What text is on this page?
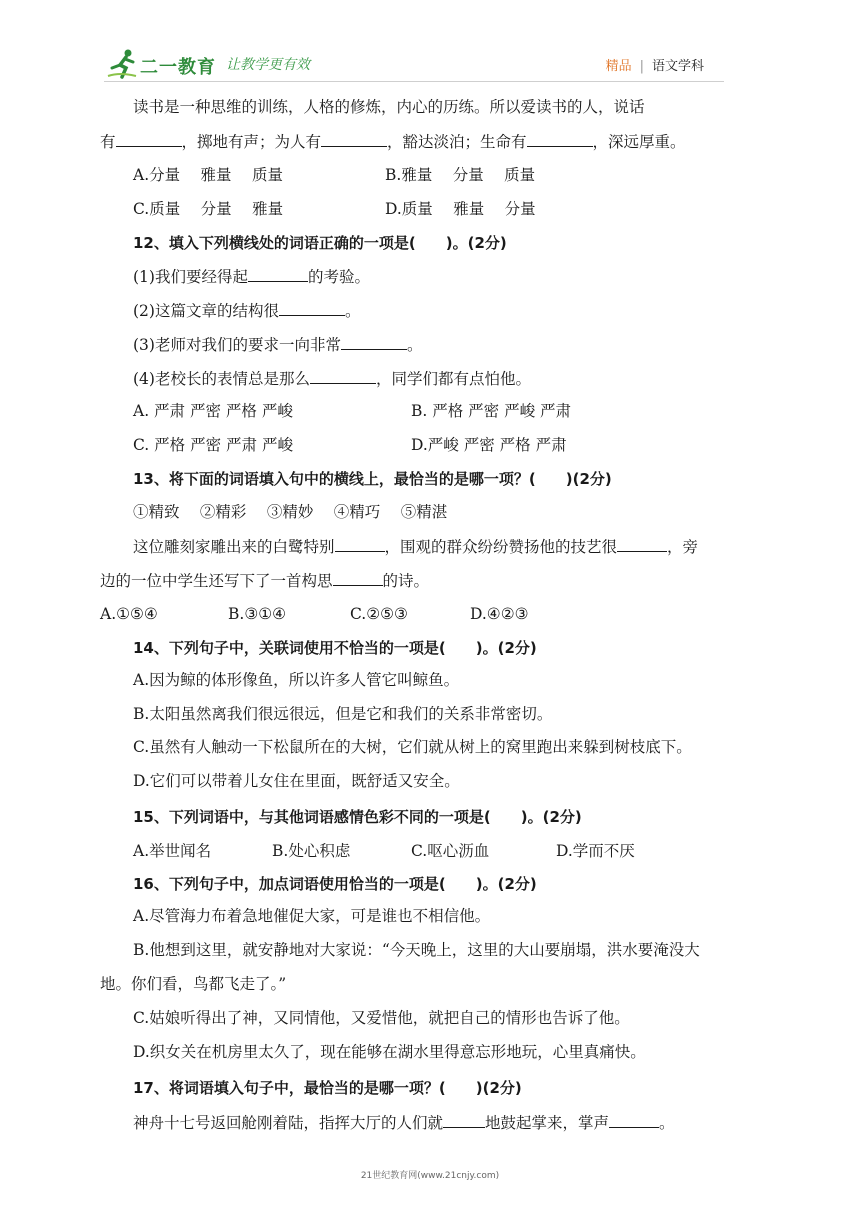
二一教育 让教学更有效	精品 | 语文学科
读书是一种思维的训练，人格的修炼，内心的历练。所以爱读书的人，说话
有	，掷地有声；为人有	，豁达淡泊；生命有	，深远厚重。
A.分量　 雅量　 质量	B.雅量　 分量　 质量
C.质量　 分量　 雅量	D.质量　 雅量　 分量
12、填入下列横线处的词语正确的一项是(　　)。(2分)
(1)我们要经得起	的考验。
(2)这篇文章的结构很	。
(3)老师对我们的要求一向非常	。
(4)老校长的表情总是那么	，同学们都有点怕他。
A. 严肃 严密 严格 严峻	B. 严格 严密 严峻 严肃
C. 严格 严密 严肃 严峻	D.严峻 严密 严格 严肃
13、将下面的词语填入句中的横线上，最恰当的是哪一项？(　　)(2分)
①精致　 ②精彩　 ③精妙　 ④精巧　 ⑤精湛
这位雕刻家雕出来的白鹭特别	，围观的群众纷纷赞扬他的技艺很	，旁
边的一位中学生还写下了一首构思	的诗。
A.①⑤④	B.③①④	C.②⑤③	D.④②③
14、下列句子中，关联词使用不恰当的一项是(　　)。(2分)
A.因为鲸的体形像鱼，所以许多人管它叫鲸鱼。
B.太阳虽然离我们很远很远，但是它和我们的关系非常密切。
C.虽然有人触动一下松鼠所在的大树，它们就从树上的窝里跑出来躲到树枝底下。
D.它们可以带着儿女住在里面，既舒适又安全。
15、下列词语中，与其他词语感情色彩不同的一项是(　　)。(2分)
A.举世闻名	B.处心积虑	C.呕心沥血	D.学而不厌
16、下列句子中，加点词语使用恰当的一项是(　　)。(2分)
A.尽管海力布着急地催促大家，可是谁也不相信他。
B.他想到这里，就安静地对大家说：“今天晚上，这里的大山要崩塌，洪水要淹没大
地。你们看，鸟都飞走了。”
C.姑娘听得出了神，又同情他，又爱惜他，就把自己的情形也告诉了他。
D.织女关在机房里太久了，现在能够在湖水里得意忘形地玩，心里真痛快。
17、将词语填入句子中，最恰当的是哪一项？(　　)(2分)
神舟十七号返回舱刚着陆，指挥大厅的人们就	地鼓起掌来，掌声	。
21世纪教育网(www.21cnjy.com)
